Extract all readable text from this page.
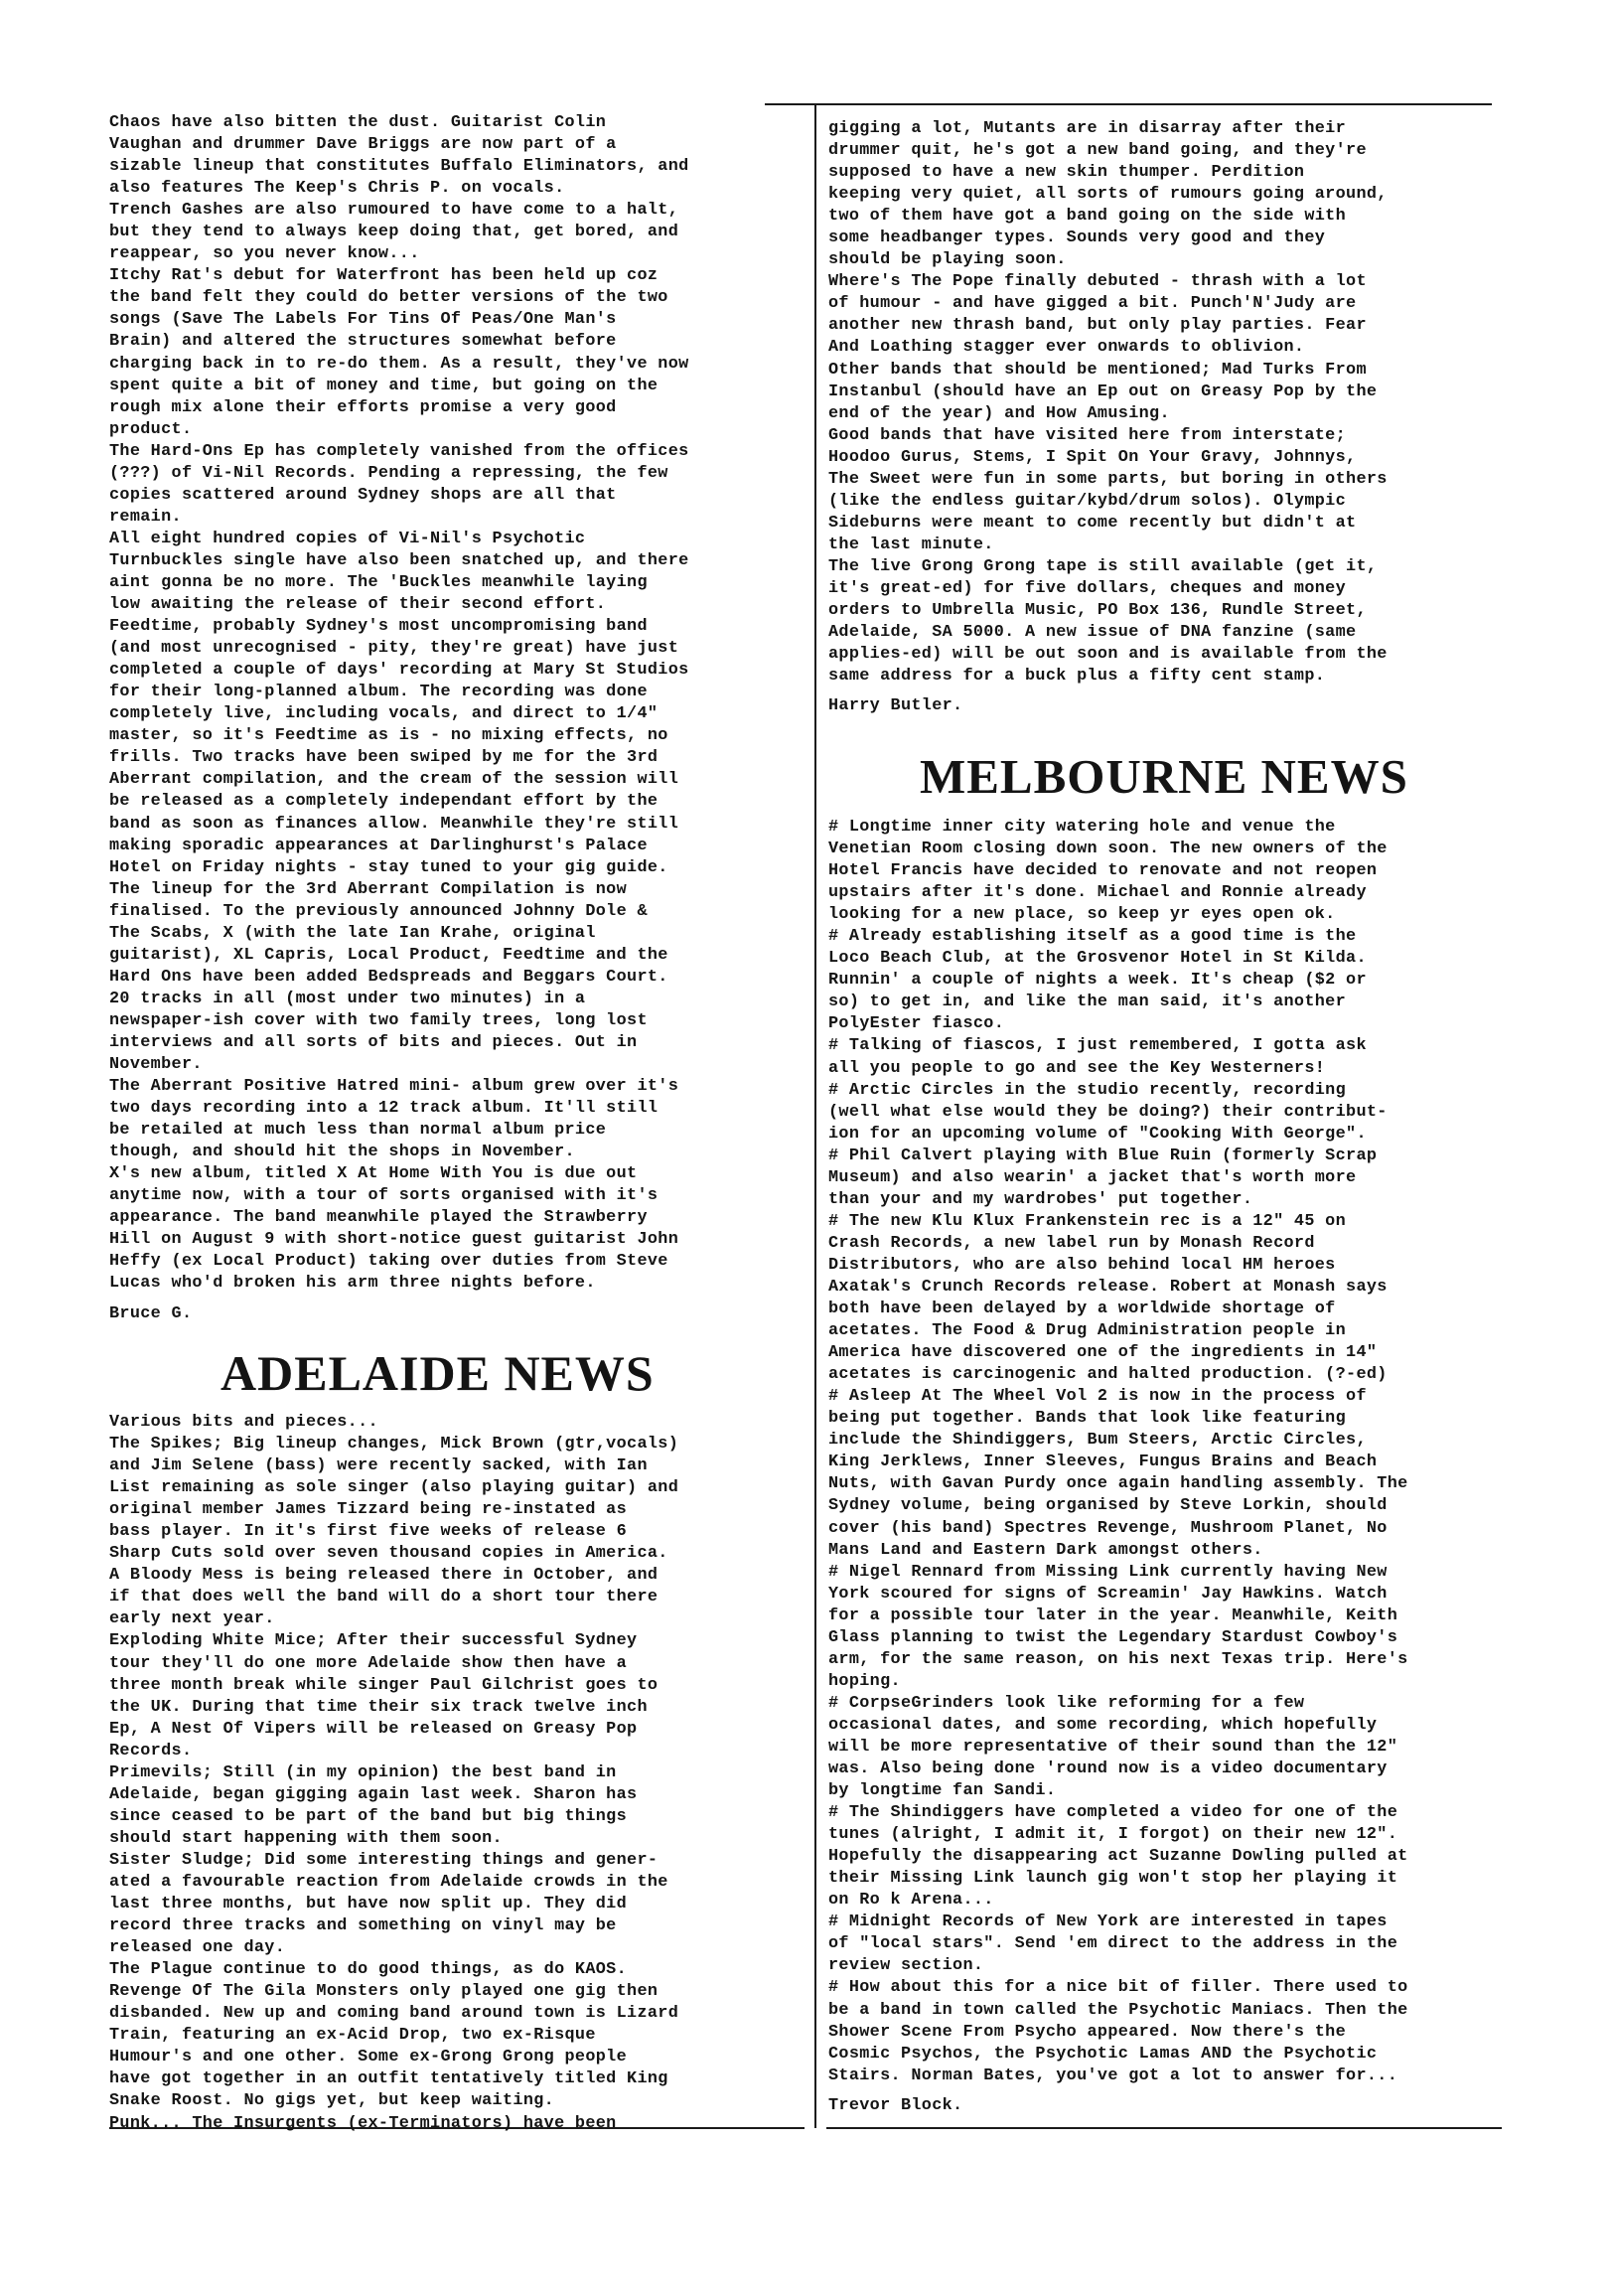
Chaos have also bitten the dust. Guitarist Colin

Vaughan and drummer Dave Briggs are now part of a

sizable lineup that constitutes Buffalo Eliminators, and

also features The Keep's Chris P. on vocals.

Trench Gashes are also rumoured to have come to a halt,

but they tend to always keep doing that, get bored, and

reappear, so you never know...

Itchy Rat's debut for Waterfront has been held up coz

the band felt they could do better versions of the two

songs (Save The Labels For Tins Of Peas/One Man's

Brain) and altered the structures somewhat before

charging back in to re-do them. As a result, they've now

spent quite a bit of money and time, but going on the

rough mix alone their efforts promise a very good

product.

The Hard-Ons Ep has completely vanished from the offices

(???) of Vi-Nil Records. Pending a repressing, the few

copies scattered around Sydney shops are all that

remain.

All eight hundred copies of Vi-Nil's Psychotic

Turnbuckles single have also been snatched up, and there

aint gonna be no more. The 'Buckles meanwhile laying

low awaiting the release of their second effort.

Feedtime, probably Sydney's most uncompromising band

(and most unrecognised - pity, they're great) have just

completed a couple of days' recording at Mary St Studios

for their long-planned album. The recording was done

completely live, including vocals, and direct to 1/4"

master, so it's Feedtime as is - no mixing effects, no

frills. Two tracks have been swiped by me for the 3rd

Aberrant compilation, and the cream of the session will

be released as a completely independant effort by the

band as soon as finances allow. Meanwhile they're still

making sporadic appearances at Darlinghurst's Palace

Hotel on Friday nights - stay tuned to your gig guide.

The lineup for the 3rd Aberrant Compilation is now

finalised. To the previously announced Johnny Dole &

The Scabs, X (with the late Ian Krahe, original

guitarist), XL Capris, Local Product, Feedtime and the

Hard Ons have been added Bedspreads and Beggars Court.

20 tracks in all (most under two minutes) in a

newspaper-ish cover with two family trees, long lost

interviews and all sorts of bits and pieces. Out in

November.

The Aberrant Positive Hatred mini- album grew over it's

two days recording into a 12 track album. It'll still

be retailed at much less than normal album price

though, and should hit the shops in November.

X's new album, titled X At Home With You is due out

anytime now, with a tour of sorts organised with it's

appearance. The band meanwhile played the Strawberry

Hill on August 9 with short-notice guest guitarist John

Heffy (ex Local Product) taking over duties from Steve

Lucas who'd broken his arm three nights before.

Bruce G.

ADELAIDE NEWS

Various bits and pieces...

The Spikes; Big lineup changes, Mick Brown (gtr,vocals)

and Jim Selene (bass) were recently sacked, with Ian

List remaining as sole singer (also playing guitar) and

original member James Tizzard being re-instated as

bass player. In it's first five weeks of release 6

Sharp Cuts sold over seven thousand copies in America.

A Bloody Mess is being released there in October, and

if that does well the band will do a short tour there

early next year.

Exploding White Mice; After their successful Sydney

tour they'll do one more Adelaide show then have a

three month break while singer Paul Gilchrist goes to

the UK. During that time their six track twelve inch

Ep, A Nest Of Vipers will be released on Greasy Pop

Records.

Primevils; Still (in my opinion) the best band in

Adelaide, began gigging again last week. Sharon has

since ceased to be part of the band but big things

should start happening with them soon.

Sister Sludge; Did some interesting things and gener-

ated a favourable reaction from Adelaide crowds in the

last three months, but have now split up. They did

record three tracks and something on vinyl may be

released one day.

The Plague continue to do good things, as do KAOS.

Revenge Of The Gila Monsters only played one gig then

disbanded. New up and coming band around town is Lizard

Train, featuring an ex-Acid Drop, two ex-Risque

Humour's and one other. Some ex-Grong Grong people

have got together in an outfit tentatively titled King

Snake Roost. No gigs yet, but keep waiting.

Punk... The Insurgents (ex-Terminators) have been

gigging a lot, Mutants are in disarray after their

drummer quit, he's got a new band going, and they're

supposed to have a new skin thumper. Perdition

keeping very quiet, all sorts of rumours going around,

two of them have got a band going on the side with

some headbanger types. Sounds very good and they

should be playing soon.

Where's The Pope finally debuted - thrash with a lot

of humour - and have gigged a bit. Punch'N'Judy are

another new thrash band, but only play parties. Fear

And Loathing stagger ever onwards to oblivion.

Other bands that should be mentioned; Mad Turks From

Instanbul (should have an Ep out on Greasy Pop by the

end of the year) and How Amusing.

Good bands that have visited here from interstate;

Hoodoo Gurus, Stems, I Spit On Your Gravy, Johnnys,

The Sweet were fun in some parts, but boring in others

(like the endless guitar/kybd/drum solos). Olympic

Sideburns were meant to come recently but didn't at

the last minute.

The live Grong Grong tape is still available (get it,

it's great-ed) for five dollars, cheques and money

orders to Umbrella Music, PO Box 136, Rundle Street,

Adelaide, SA 5000. A new issue of DNA fanzine (same

applies-ed) will be out soon and is available from the

same address for a buck plus a fifty cent stamp.

Harry Butler.

MELBOURNE NEWS

# Longtime inner city watering hole and venue the

Venetian Room closing down soon. The new owners of the

Hotel Francis have decided to renovate and not reopen

upstairs after it's done. Michael and Ronnie already

looking for a new place, so keep yr eyes open ok.

# Already establishing itself as a good time is the

Loco Beach Club, at the Grosvenor Hotel in St Kilda.

Runnin' a couple of nights a week. It's cheap ($2 or

so) to get in, and like the man said, it's another

PolyEster fiasco.

# Talking of fiascos, I just remembered, I gotta ask

all you people to go and see the Key Westerners!

# Arctic Circles in the studio recently, recording

(well what else would they be doing?) their contribut-

ion for an upcoming volume of "Cooking With George".

# Phil Calvert playing with Blue Ruin (formerly Scrap

Museum) and also wearin' a jacket that's worth more

than your and my wardrobes' put together.

# The new Klu Klux Frankenstein rec is a 12" 45 on

Crash Records, a new label run by Monash Record

Distributors, who are also behind local HM heroes

Axatak's Crunch Records release. Robert at Monash says

both have been delayed by a worldwide shortage of

acetates. The Food & Drug Administration people in

America have discovered one of the ingredients in 14"

acetates is carcinogenic and halted production. (?-ed)

# Asleep At The Wheel Vol 2 is now in the process of

being put together. Bands that look like featuring

include the Shindiggers, Bum Steers, Arctic Circles,

King Jerklews, Inner Sleeves, Fungus Brains and Beach

Nuts, with Gavan Purdy once again handling assembly. The

Sydney volume, being organised by Steve Lorkin, should

cover (his band) Spectres Revenge, Mushroom Planet, No

Mans Land and Eastern Dark amongst others.

# Nigel Rennard from Missing Link currently having New

York scoured for signs of Screamin' Jay Hawkins. Watch

for a possible tour later in the year. Meanwhile, Keith

Glass planning to twist the Legendary Stardust Cowboy's

arm, for the same reason, on his next Texas trip. Here's

hoping.

# CorpseGrinders look like reforming for a few

occasional dates, and some recording, which hopefully

will be more representative of their sound than the 12"

was. Also being done 'round now is a video documentary

by longtime fan Sandi.

# The Shindiggers have completed a video for one of the

tunes (alright, I admit it, I forgot) on their new 12".

Hopefully the disappearing act Suzanne Dowling pulled at

their Missing Link launch gig won't stop her playing it

on Ro k Arena...

# Midnight Records of New York are interested in tapes

of "local stars". Send 'em direct to the address in the

review section.

# How about this for a nice bit of filler. There used to

be a band in town called the Psychotic Maniacs. Then the

Shower Scene From Psycho appeared. Now there's the

Cosmic Psychos, the Psychotic Lamas AND the Psychotic

Stairs. Norman Bates, you've got a lot to answer for...

Trevor Block.
